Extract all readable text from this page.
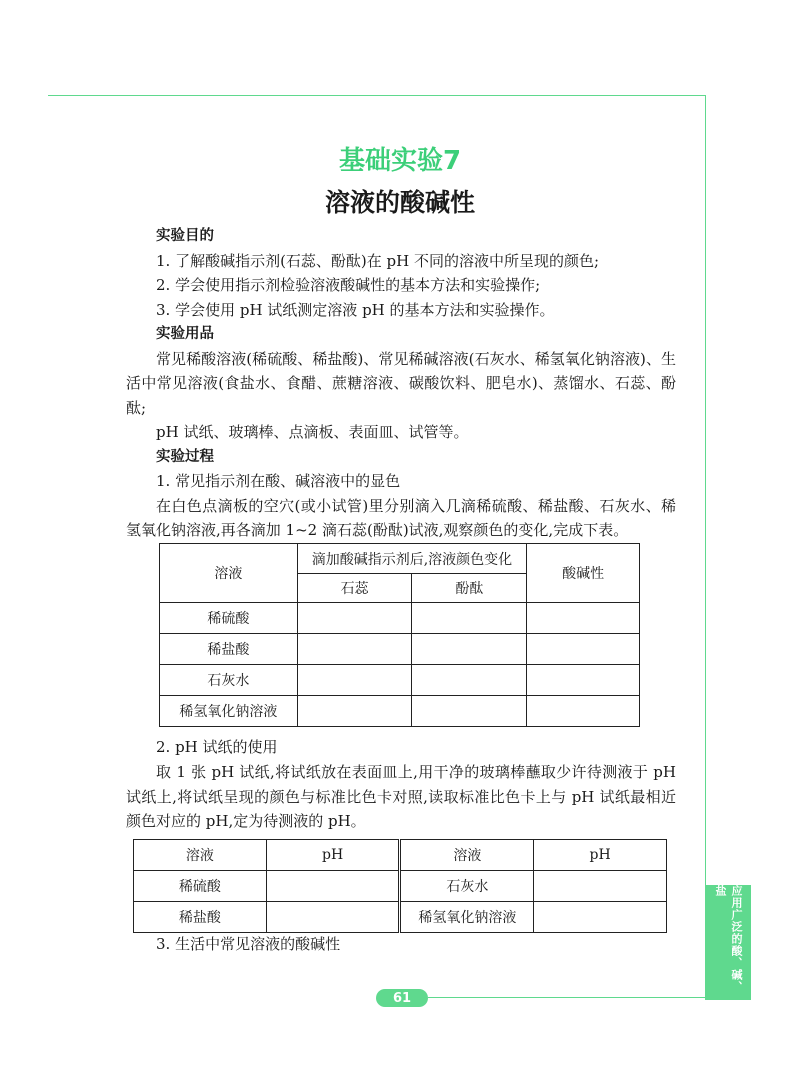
应用广泛的酸、碱、盐
61
基础实验7
溶液的酸碱性

实验目的

1. 了解酸碱指示剂(石蕊、酚酞)在 pH 不同的溶液中所呈现的颜色;

2. 学会使用指示剂检验溶液酸碱性的基本方法和实验操作;

3. 学会使用 pH 试纸测定溶液 pH 的基本方法和实验操作。

实验用品

常见稀酸溶液(稀硫酸、稀盐酸)、常见稀碱溶液(石灰水、稀氢氧化钠溶液)、生活中常见溶液(食盐水、食醋、蔗糖溶液、碳酸饮料、肥皂水)、蒸馏水、石蕊、酚酞;

pH 试纸、玻璃棒、点滴板、表面皿、试管等。

实验过程

1. 常见指示剂在酸、碱溶液中的显色

在白色点滴板的空穴(或小试管)里分别滴入几滴稀硫酸、稀盐酸、石灰水、稀氢氧化钠溶液,再各滴加 1~2 滴石蕊(酚酞)试液,观察颜色的变化,完成下表。

溶液	滴加酸碱指示剂后,溶液颜色变化		酸碱性
	石蕊	酚酞	
稀硫酸			
稀盐酸			
石灰水			
稀氢氧化钠溶液			

2. pH 试纸的使用

取 1 张 pH 试纸,将试纸放在表面皿上,用干净的玻璃棒蘸取少许待测液于 pH 试纸上,将试纸呈现的颜色与标准比色卡对照,读取标准比色卡上与 pH 试纸最相近颜色对应的 pH,定为待测液的 pH。

溶液	pH	溶液	pH
稀硫酸		石灰水	
稀盐酸		稀氢氧化钠溶液	

3. 生活中常见溶液的酸碱性
